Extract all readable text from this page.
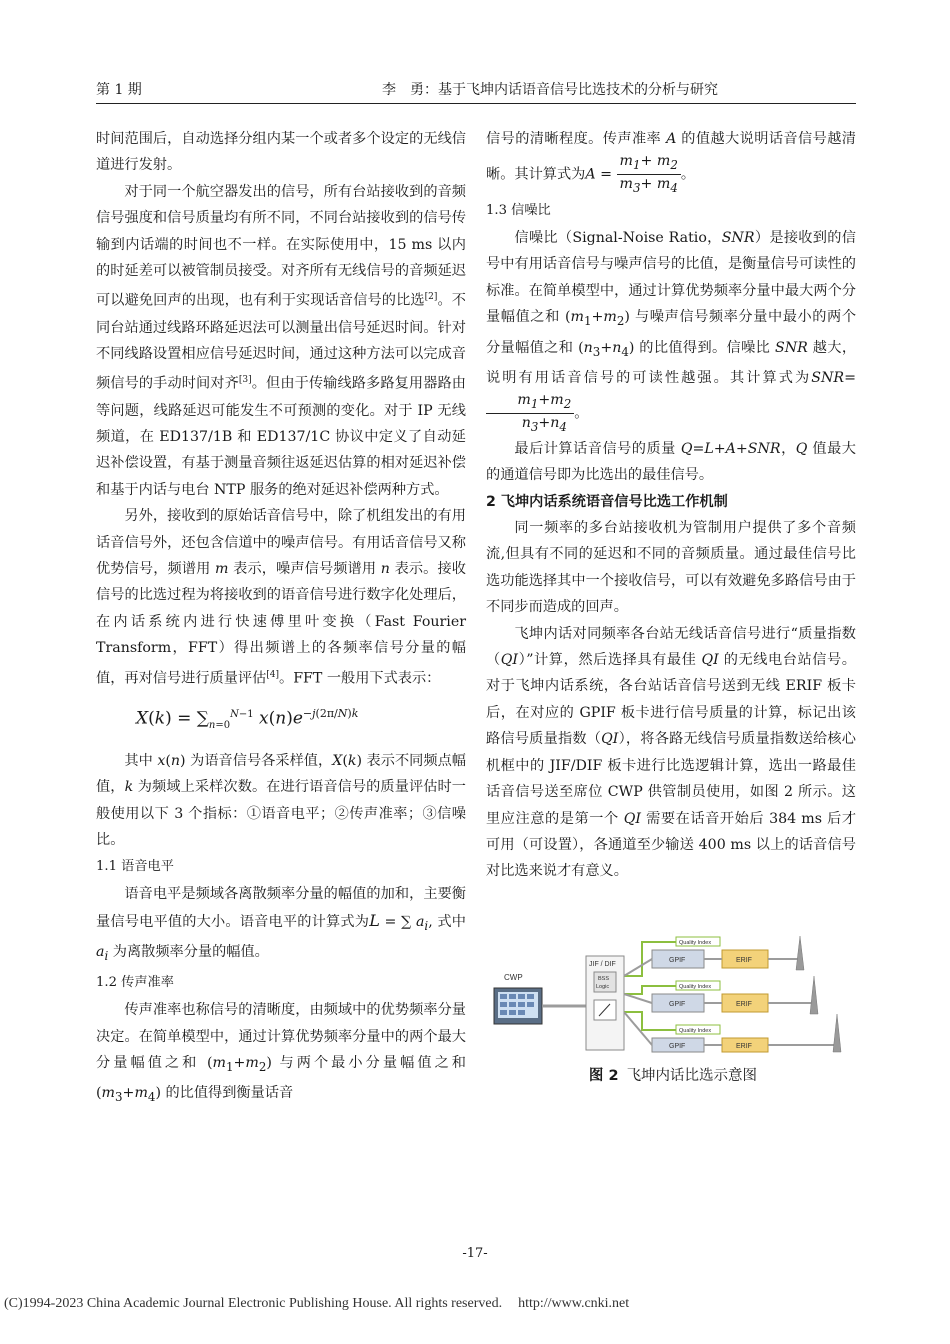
第 1 期	李　勇：基于飞坤内话语音信号比选技术的分析与研究

时间范围后，自动选择分组内某一个或者多个设定的无线信道进行发射。

对于同一个航空器发出的信号，所有台站接收到的音频信号强度和信号质量均有所不同，不同台站接收到的信号传输到内话端的时间也不一样。在实际使用中，15 ms 以内的时延差可以被管制员接受。对齐所有无线信号的音频延迟可以避免回声的出现，也有利于实现话音信号的比选[2]。不同台站通过线路环路延迟法可以测量出信号延迟时间。针对不同线路设置相应信号延迟时间，通过这种方法可以完成音频信号的手动时间对齐[3]。但由于传输线路多路复用器路由等问题，线路延迟可能发生不可预测的变化。对于 IP 无线频道，在 ED137/1B 和 ED137/1C 协议中定义了自动延迟补偿设置，有基于测量音频往返延迟估算的相对延迟补偿和基于内话与电台 NTP 服务的绝对延迟补偿两种方式。

另外，接收到的原始话音信号中，除了机组发出的有用话音信号外，还包含信道中的噪声信号。有用话音信号又称优势信号，频谱用 m 表示，噪声信号频谱用 n 表示。接收信号的比选过程为将接收到的语音信号进行数字化处理后，在内话系统内进行快速傅里叶变换（Fast Fourier Transform，FFT）得出频谱上的各频率信号分量的幅值，再对信号进行质量评估[4]。FFT 一般用下式表示：

$X(k) = \sum_{n=0}^{N-1}$ $x(n)e^{-j(2\pi/N)k}$

其中 x(n) 为语音信号各采样值，X(k) 表示不同频点幅值，k 为频域上采样次数。在进行语音信号的质量评估时一般使用以下 3 个指标：①语音电平；②传声准率；③信噪比。

1.1 语音电平

语音电平是频域各离散频率分量的幅值的加和，主要衡量信号电平值的大小。语音电平的计算式为L = ∑ $a_i$, 式中 $a_i$ 为离散频率分量的幅值。

1.2 传声准率

传声准率也称信号的清晰度，由频域中的优势频率分量决定。在简单模型中，通过计算优势频率分量中的两个最大分量幅值之和 $(m_1+m_2)$ 与两个最小分量幅值之和 $(m_3+m_4)$ 的比值得到衡量话音

信号的清晰程度。传声准率 A 的值越大说明话音信号越清晰。其计算式为$A = \frac{m_1+ m_2}{m_3+ m_4}$ 。

1.3 信噪比

信噪比（Signal-Noise Ratio，SNR）是接收到的信号中有用话音信号与噪声信号的比值，是衡量信号可读性的标准。在简单模型中，通过计算优势频率分量中最大两个分量幅值之和 $(m_1+m_2)$ 与噪声信号频率分量中最小的两个分量幅值之和 $(n_3+n_4)$ 的比值得到。信噪比 SNR 越大，说明有用话音信号的可读性越强。其计算式为SNR=
$\frac{m_1+m_2}{n_3+n_4}$ 。

最后计算话音信号的质量 Q=L+A+SNR，Q 值最大的通道信号即为比选出的最佳信号。

2 飞坤内话系统语音信号比选工作机制

同一频率的多台站接收机为管制用户提供了多个音频流,但具有不同的延迟和不同的音频质量。通过最佳信号比选功能选择其中一个接收信号，可以有效避免多路信号由于不同步而造成的回声。

飞坤内话对同频率各台站无线话音信号进行“质量指数（QI）”计算，然后选择具有最佳 QI 的无线电台站信号。对于飞坤内话系统，各台站话音信号送到无线 ERIF 板卡后，在对应的 GPIF 板卡进行信号质量的计算，标记出该路信号质量指数（QI），将各路无线信号质量指数送给核心机框中的 JIF/DIF 板卡进行比选逻辑计算，选出一路最佳话音信号送至席位 CWP 供管制员使用，如图 2 所示。这里应注意的是第一个 QI 需要在话音开始后 384 ms 后才可用（可设置），各通道至少输送 400 ms 以上的话音信号对比选来说才有意义。

CWP
JIF / DIF
BSS
Logic
Quality Index
Quality Index
Quality Index
GPIF
GPIF
GPIF
ERIF
ERIF
ERIF
图 2 飞坤内话比选示意图
-17-
(C)1994-2023 China Academic Journal Electronic Publishing House. All rights reserved. http://www.cnki.net
